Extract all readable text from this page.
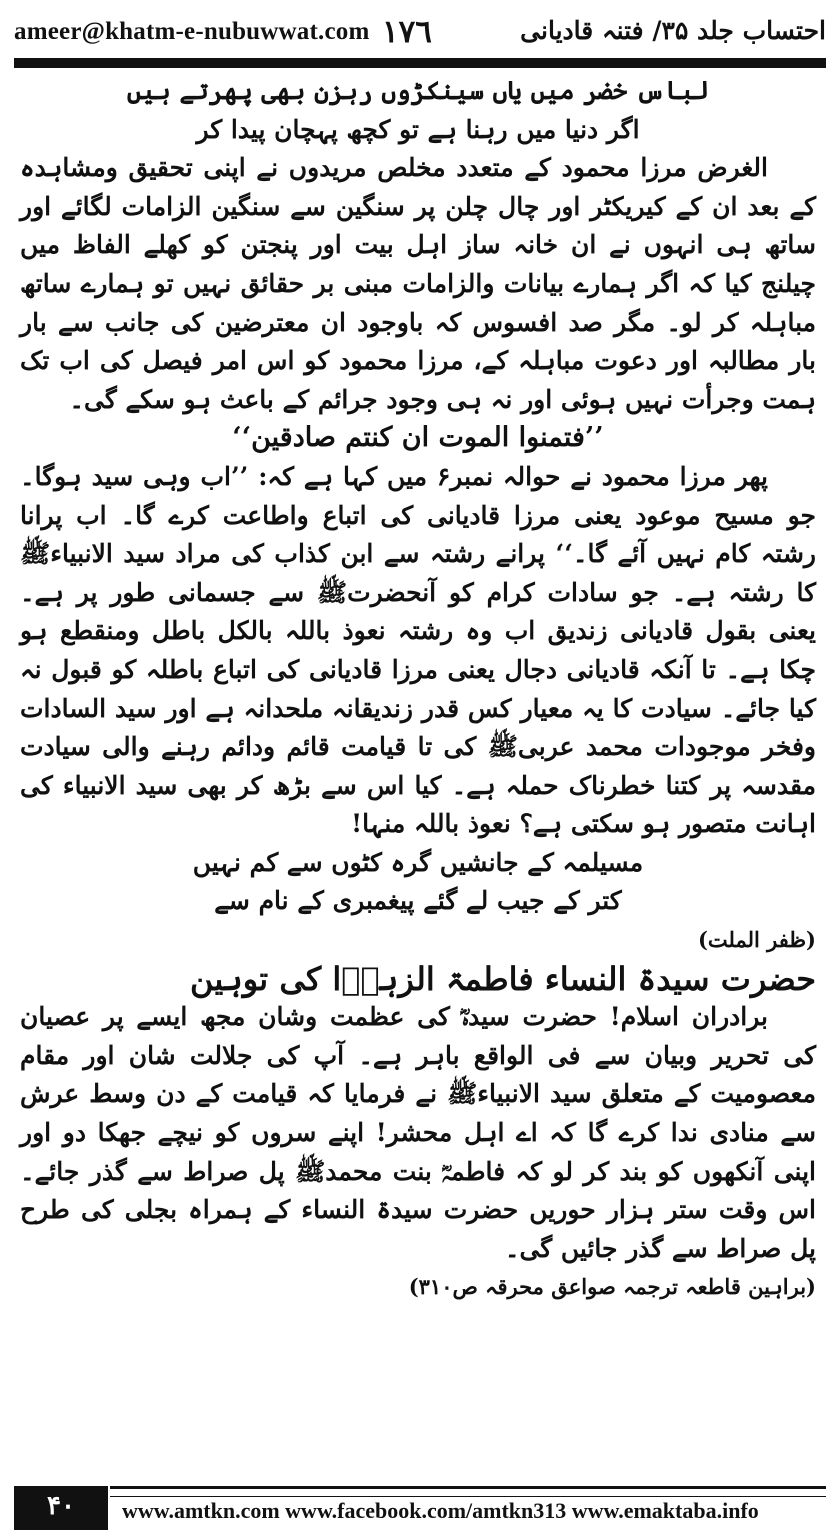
ameer@khatm-e-nubuwwat.com ١٧٦	احتساب جلد ۳۵/ فتنہ قادیانی

لباس خضر میں یاں سینکڑوں رہزن بھی پھرتے ہیں

اگر دنیا میں رہنا ہے تو کچھ پہچان پیدا کر

الغرض مرزا محمود کے متعدد مخلص مریدوں نے اپنی تحقیق ومشاہدہ کے بعد ان کے کیریکٹر اور چال چلن پر سنگین سے سنگین الزامات لگائے اور ساتھ ہی انہوں نے ان خانہ ساز اہل بیت اور پنجتن کو کھلے الفاظ میں چیلنج کیا کہ اگر ہمارے بیانات والزامات مبنی بر حقائق نہیں تو ہمارے ساتھ مباہلہ کر لو۔ مگر صد افسوس کہ باوجود ان معترضین کی جانب سے بار بار مطالبہ اور دعوت مباہلہ کے، مرزا محمود کو اس امر فیصل کی اب تک ہمت وجرأت نہیں ہوئی اور نہ ہی وجود جرائم کے باعث ہو سکے گی۔

’’فتمنوا الموت ان کنتم صادقین‘‘

پھر مرزا محمود نے حوالہ نمبر۶ میں کہا ہے کہ: ’’اب وہی سید ہوگا۔ جو مسیح موعود یعنی مرزا قادیانی کی اتباع واطاعت کرے گا۔ اب پرانا رشتہ کام نہیں آئے گا۔‘‘ پرانے رشتہ سے ابن کذاب کی مراد سید الانبیاءﷺ کا رشتہ ہے۔ جو سادات کرام کو آنحضرتﷺ سے جسمانی طور پر ہے۔ یعنی بقول قادیانی زندیق اب وہ رشتہ نعوذ باللہ بالکل باطل ومنقطع ہو چکا ہے۔ تا آنکہ قادیانی دجال یعنی مرزا قادیانی کی اتباع باطلہ کو قبول نہ کیا جائے۔ سیادت کا یہ معیار کس قدر زندیقانہ ملحدانہ ہے اور سید السادات وفخر موجودات محمد عربیﷺ کی تا قیامت قائم ودائم رہنے والی سیادت مقدسہ پر کتنا خطرناک حملہ ہے۔ کیا اس سے بڑھ کر بھی سید الانبیاء کی اہانت متصور ہو سکتی ہے؟ نعوذ باللہ منہا!

مسیلمہ کے جانشیں گرہ کٹوں سے کم نہیں

کتر کے جیب لے گئے پیغمبری کے نام سے

(ظفر الملت)

حضرت سیدۃ النساء فاطمۃ الزہرؓا کی توہین

برادران اسلام! حضرت سیدہؓ کی عظمت وشان مجھ ایسے پر عصیان کی تحریر وبیان سے فی الواقع باہر ہے۔ آپ کی جلالت شان اور مقام معصومیت کے متعلق سید الانبیاءﷺ نے فرمایا کہ قیامت کے دن وسط عرش سے منادی ندا کرے گا کہ اے اہل محشر! اپنے سروں کو نیچے جھکا دو اور اپنی آنکھوں کو بند کر لو کہ فاطمہؓ بنت محمدﷺ پل صراط سے گذر جائے۔ اس وقت ستر ہزار حوریں حضرت سیدۃ النساء کے ہمراہ بجلی کی طرح پل صراط سے گذر جائیں گی۔

(براہین قاطعہ ترجمہ صواعق محرقہ ص۳۱۰)

۴۰	www.amtkn.com www.facebook.com/amtkn313 www.emaktaba.info
